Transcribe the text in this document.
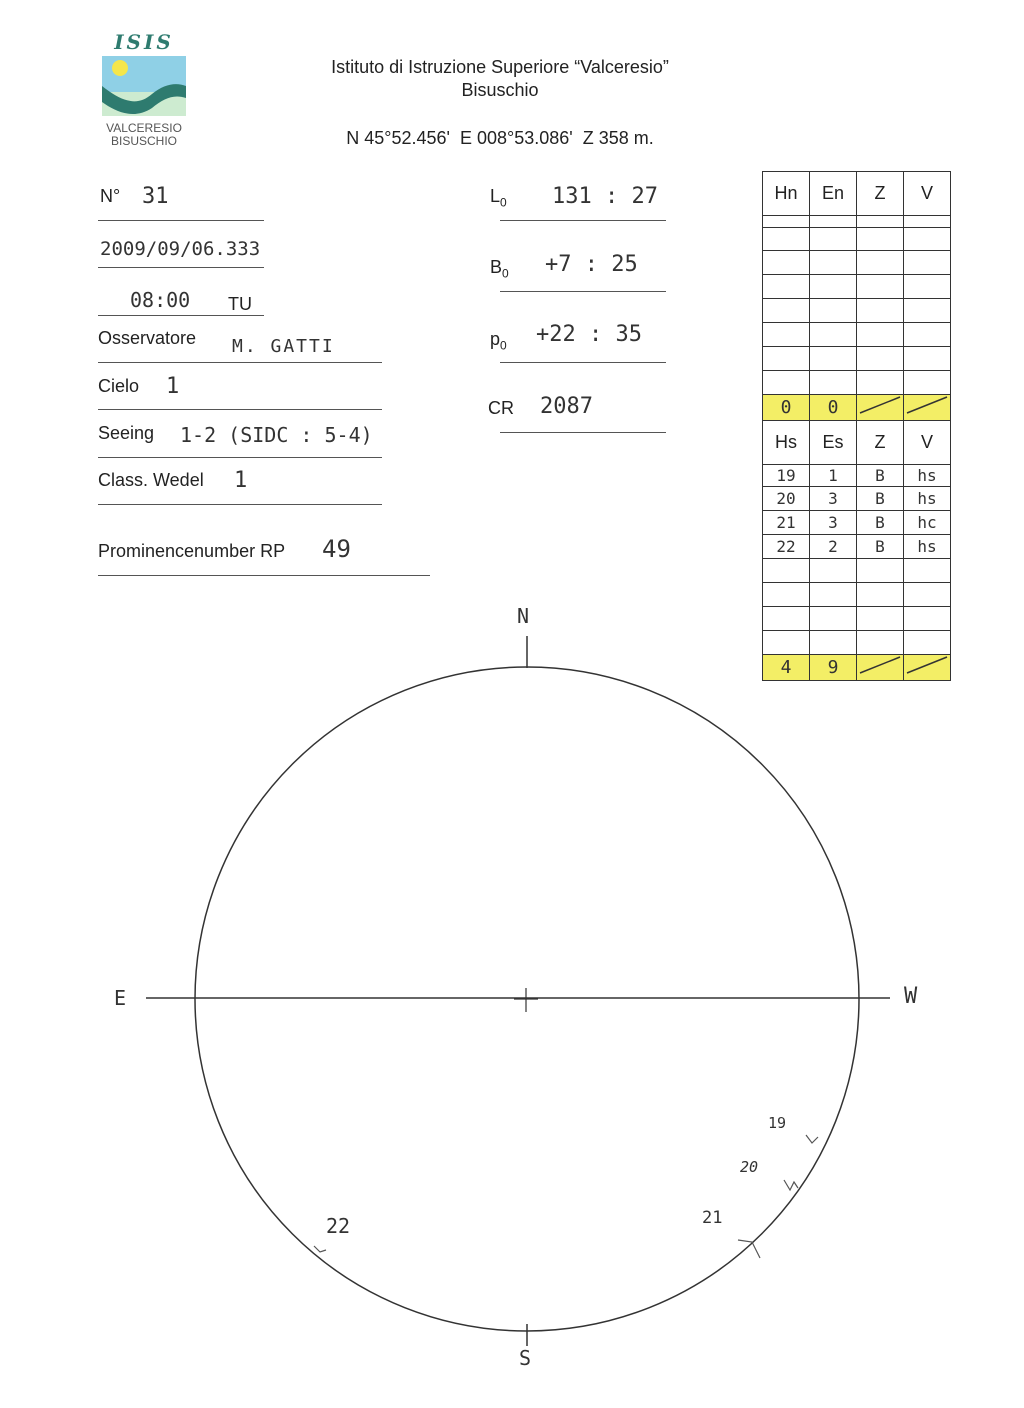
ISIS
VALCERESIO
BISUSCHIO
Istituto di Istruzione Superiore “Valceresio”
Bisuschio
N 45°52.456'  E 008°53.086'  Z 358 m.
N° 31
2009/09/06.333
08:00 TU
Osservatore M. GATTI
Cielo 1
Seeing 1-2 (SIDC : 5-4)
Class. Wedel 1
Prominencenumber RP 49
$L_0$ 131 : 27
$B_0 +7$ : 25
$p_0 +22$ : 35
CR 2087
Hn	En	Z	V

0	0		
Hs	Es	Z	V
19	1	B	hs
20	3	B	hs
21	3	B	hc
22	2	B	hs

4	9		
N
S
E	W
19
20
21
22
